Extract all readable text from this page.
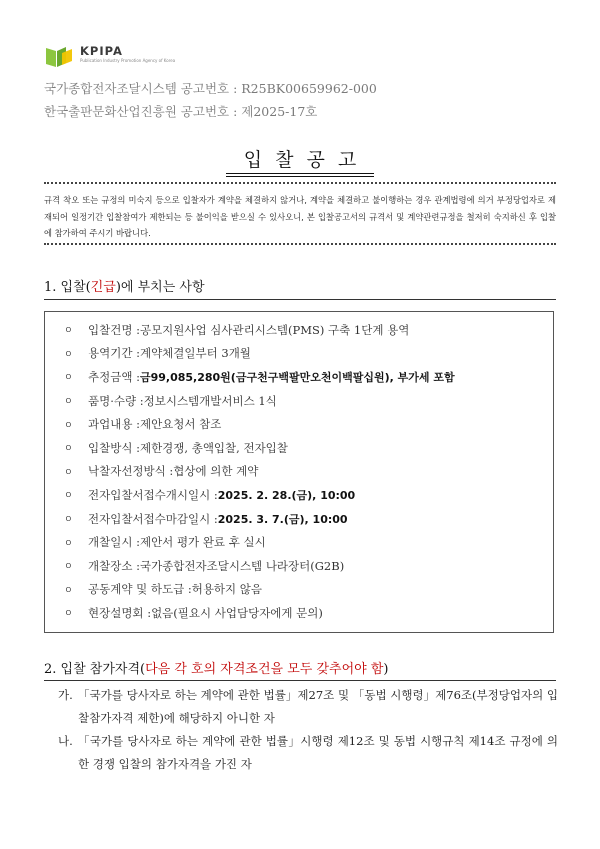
KPIPA
Publication Industry Promotion Agency of Korea
국가종합전자조달시스템 공고번호 : R25BK00659962-000
한국출판문화산업진흥원 공고번호 : 제2025-17호
입찰공고
규격 착오 또는 규정의 미숙지 등으로 입찰자가 계약을 체결하지 않거나, 계약을 체결하고 불이행하는 경우 관계법령에 의거 부정당업자로 제재되어 일정기간 입찰참여가 제한되는 등 불이익을 받으실 수 있사오니, 본 입찰공고서의 규격서 및 계약관련규정을 철저히 숙지하신 후 입찰에 참가하여 주시기 바랍니다.
1. 입찰(긴급)에 부치는 사항
ㅇ	입찰건명 : 공모지원사업 심사관리시스템(PMS) 구축 1단계 용역
ㅇ	용역기간 : 계약체결일부터 3개월
ㅇ	추정금액 : 금99,085,280원(금구천구백팔만오천이백팔십원), 부가세 포함
ㅇ	품명·수량 : 정보시스템개발서비스 1식
ㅇ	과업내용 : 제안요청서 참조
ㅇ	입찰방식 : 제한경쟁, 총액입찰, 전자입찰
ㅇ	낙찰자선정방식 : 협상에 의한 계약
ㅇ	전자입찰서접수개시일시 : 2025. 2. 28.(금), 10:00
ㅇ	전자입찰서접수마감일시 : 2025. 3. 7.(금), 10:00
ㅇ	개찰일시 : 제안서 평가 완료 후 실시
ㅇ	개찰장소 : 국가종합전자조달시스템 나라장터(G2B)
ㅇ	공동계약 및 하도급 : 허용하지 않음
ㅇ	현장설명회 : 없음(필요시 사업담당자에게 문의)
2. 입찰 참가자격(다음 각 호의 자격조건을 모두 갖추어야 함)
가. 「국가를 당사자로 하는 계약에 관한 법률」제27조 및 「동법 시행령」제76조(부정당업자의 입찰참가자격 제한)에 해당하지 아니한 자
나. 「국가를 당사자로 하는 계약에 관한 법률」시행령 제12조 및 동법 시행규칙 제14조 규정에 의한 경쟁 입찰의 참가자격을 가진 자
